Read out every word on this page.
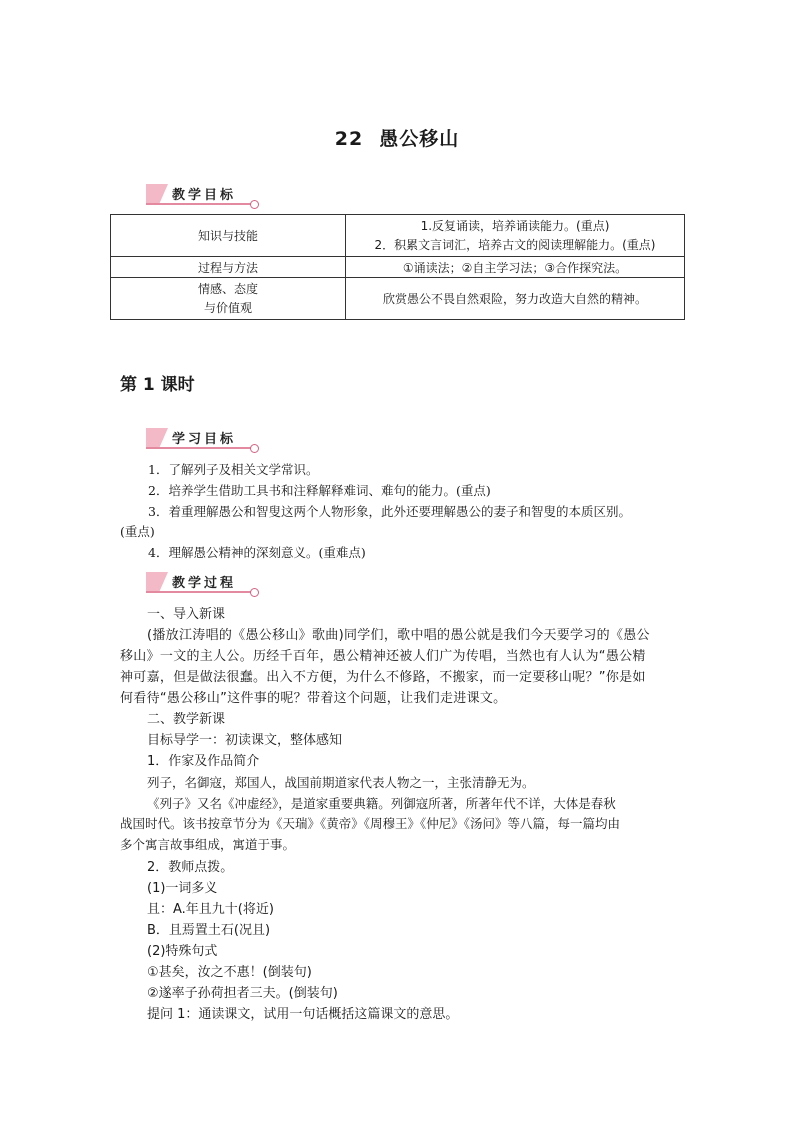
22 愚公移山
教学目标
知识与技能	1.反复诵读，培养诵读能力。(重点)
2．积累文言词汇，培养古文的阅读理解能力。(重点)

过程与方法	①诵读法；②自主学习法；③合作探究法。

情感、态度
与价值观	欣赏愚公不畏自然艰险，努力改造大自然的精神。
第 1 课时
学习目标
1．了解列子及相关文学常识。
2．培养学生借助工具书和注释解释难词、难句的能力。(重点)
3．着重理解愚公和智叟这两个人物形象，此外还要理解愚公的妻子和智叟的本质区别。
(重点)
4．理解愚公精神的深刻意义。(重难点)
教学过程
一、导入新课
(播放江涛唱的《愚公移山》歌曲)同学们，歌中唱的愚公就是我们今天要学习的《愚公
移山》一文的主人公。历经千百年，愚公精神还被人们广为传唱，当然也有人认为“愚公精
神可嘉，但是做法很蠢。出入不方便，为什么不修路，不搬家，而一定要移山呢？”你是如
何看待“愚公移山”这件事的呢？带着这个问题，让我们走进课文。
二、教学新课
目标导学一：初读课文，整体感知
1．作家及作品简介
列子，名御寇，郑国人，战国前期道家代表人物之一，主张清静无为。
《列子》又名《冲虚经》，是道家重要典籍。列御寇所著，所著年代不详，大体是春秋
战国时代。该书按章节分为《天瑞》《黄帝》《周穆王》《仲尼》《汤问》等八篇，每一篇均由
多个寓言故事组成，寓道于事。
2．教师点拨。
(1)一词多义
且：A.年且九十(将近)
B．且焉置土石(况且)
(2)特殊句式
①甚矣，汝之不惠！(倒装句)
②遂率子孙荷担者三夫。(倒装句)
提问 1：通读课文，试用一句话概括这篇课文的意思。
